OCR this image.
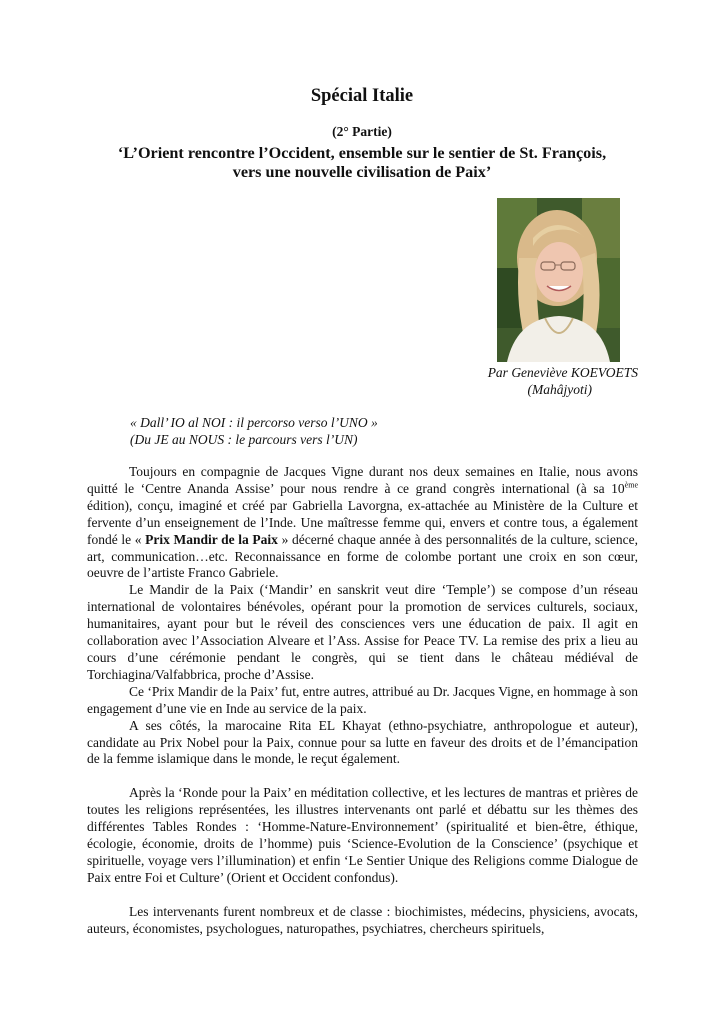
Spécial Italie
(2° Partie)
‘L’Orient rencontre l’Occident, ensemble sur le sentier de St. François,
vers une nouvelle civilisation de Paix’
Par Geneviève KOEVOETS
(Mahâjyoti)
« Dall’ IO al NOI : il percorso verso l’UNO »
(Du JE au NOUS : le parcours vers l’UN)

Toujours en compagnie de Jacques Vigne durant nos deux semaines en Italie, nous avons quitté le ‘Centre Ananda Assise’ pour nous rendre à ce grand congrès international (à sa 10ème édition), conçu, imaginé et créé par Gabriella Lavorgna, ex-attachée au Ministère de la Culture et fervente d’un enseignement de l’Inde. Une maîtresse femme qui, envers et contre tous, a également fondé le « Prix Mandir de la Paix » décerné chaque année à des personnalités de la culture, science, art, communication…etc. Reconnaissance en forme de colombe portant une croix en son cœur, oeuvre de l’artiste Franco Gabriele.

Le Mandir de la Paix (‘Mandir’ en sanskrit veut dire ‘Temple’) se compose d’un réseau international de volontaires bénévoles, opérant pour la promotion de services culturels, sociaux, humanitaires, ayant pour but le réveil des consciences vers une éducation de paix. Il agit en collaboration avec l’Association Alveare et l’Ass. Assise for Peace TV. La remise des prix a lieu au cours d’une cérémonie pendant le congrès, qui se tient dans le château médiéval de Torchiagina/Valfabbrica, proche d’Assise.

Ce ‘Prix Mandir de la Paix’ fut, entre autres, attribué au Dr. Jacques Vigne, en hommage à son engagement d’une vie en Inde au service de la paix.

A ses côtés, la marocaine Rita EL Khayat (ethno-psychiatre, anthropologue et auteur), candidate au Prix Nobel pour la Paix, connue pour sa lutte en faveur des droits et de l’émancipation de la femme islamique dans le monde, le reçut également.

Après la ‘Ronde pour la Paix’ en méditation collective, et les lectures de mantras et prières de toutes les religions représentées, les illustres intervenants ont parlé et débattu sur les thèmes des différentes Tables Rondes : ‘Homme-Nature-Environnement’ (spiritualité et bien-être, éthique, écologie, économie, droits de l’homme) puis ‘Science-Evolution de la Conscience’ (psychique et spirituelle, voyage vers l’illumination) et enfin ‘Le Sentier Unique des Religions comme Dialogue de Paix entre Foi et Culture’ (Orient et Occident confondus).

Les intervenants furent nombreux et de classe : biochimistes, médecins, physiciens, avocats, auteurs, économistes, psychologues, naturopathes, psychiatres, chercheurs spirituels,
